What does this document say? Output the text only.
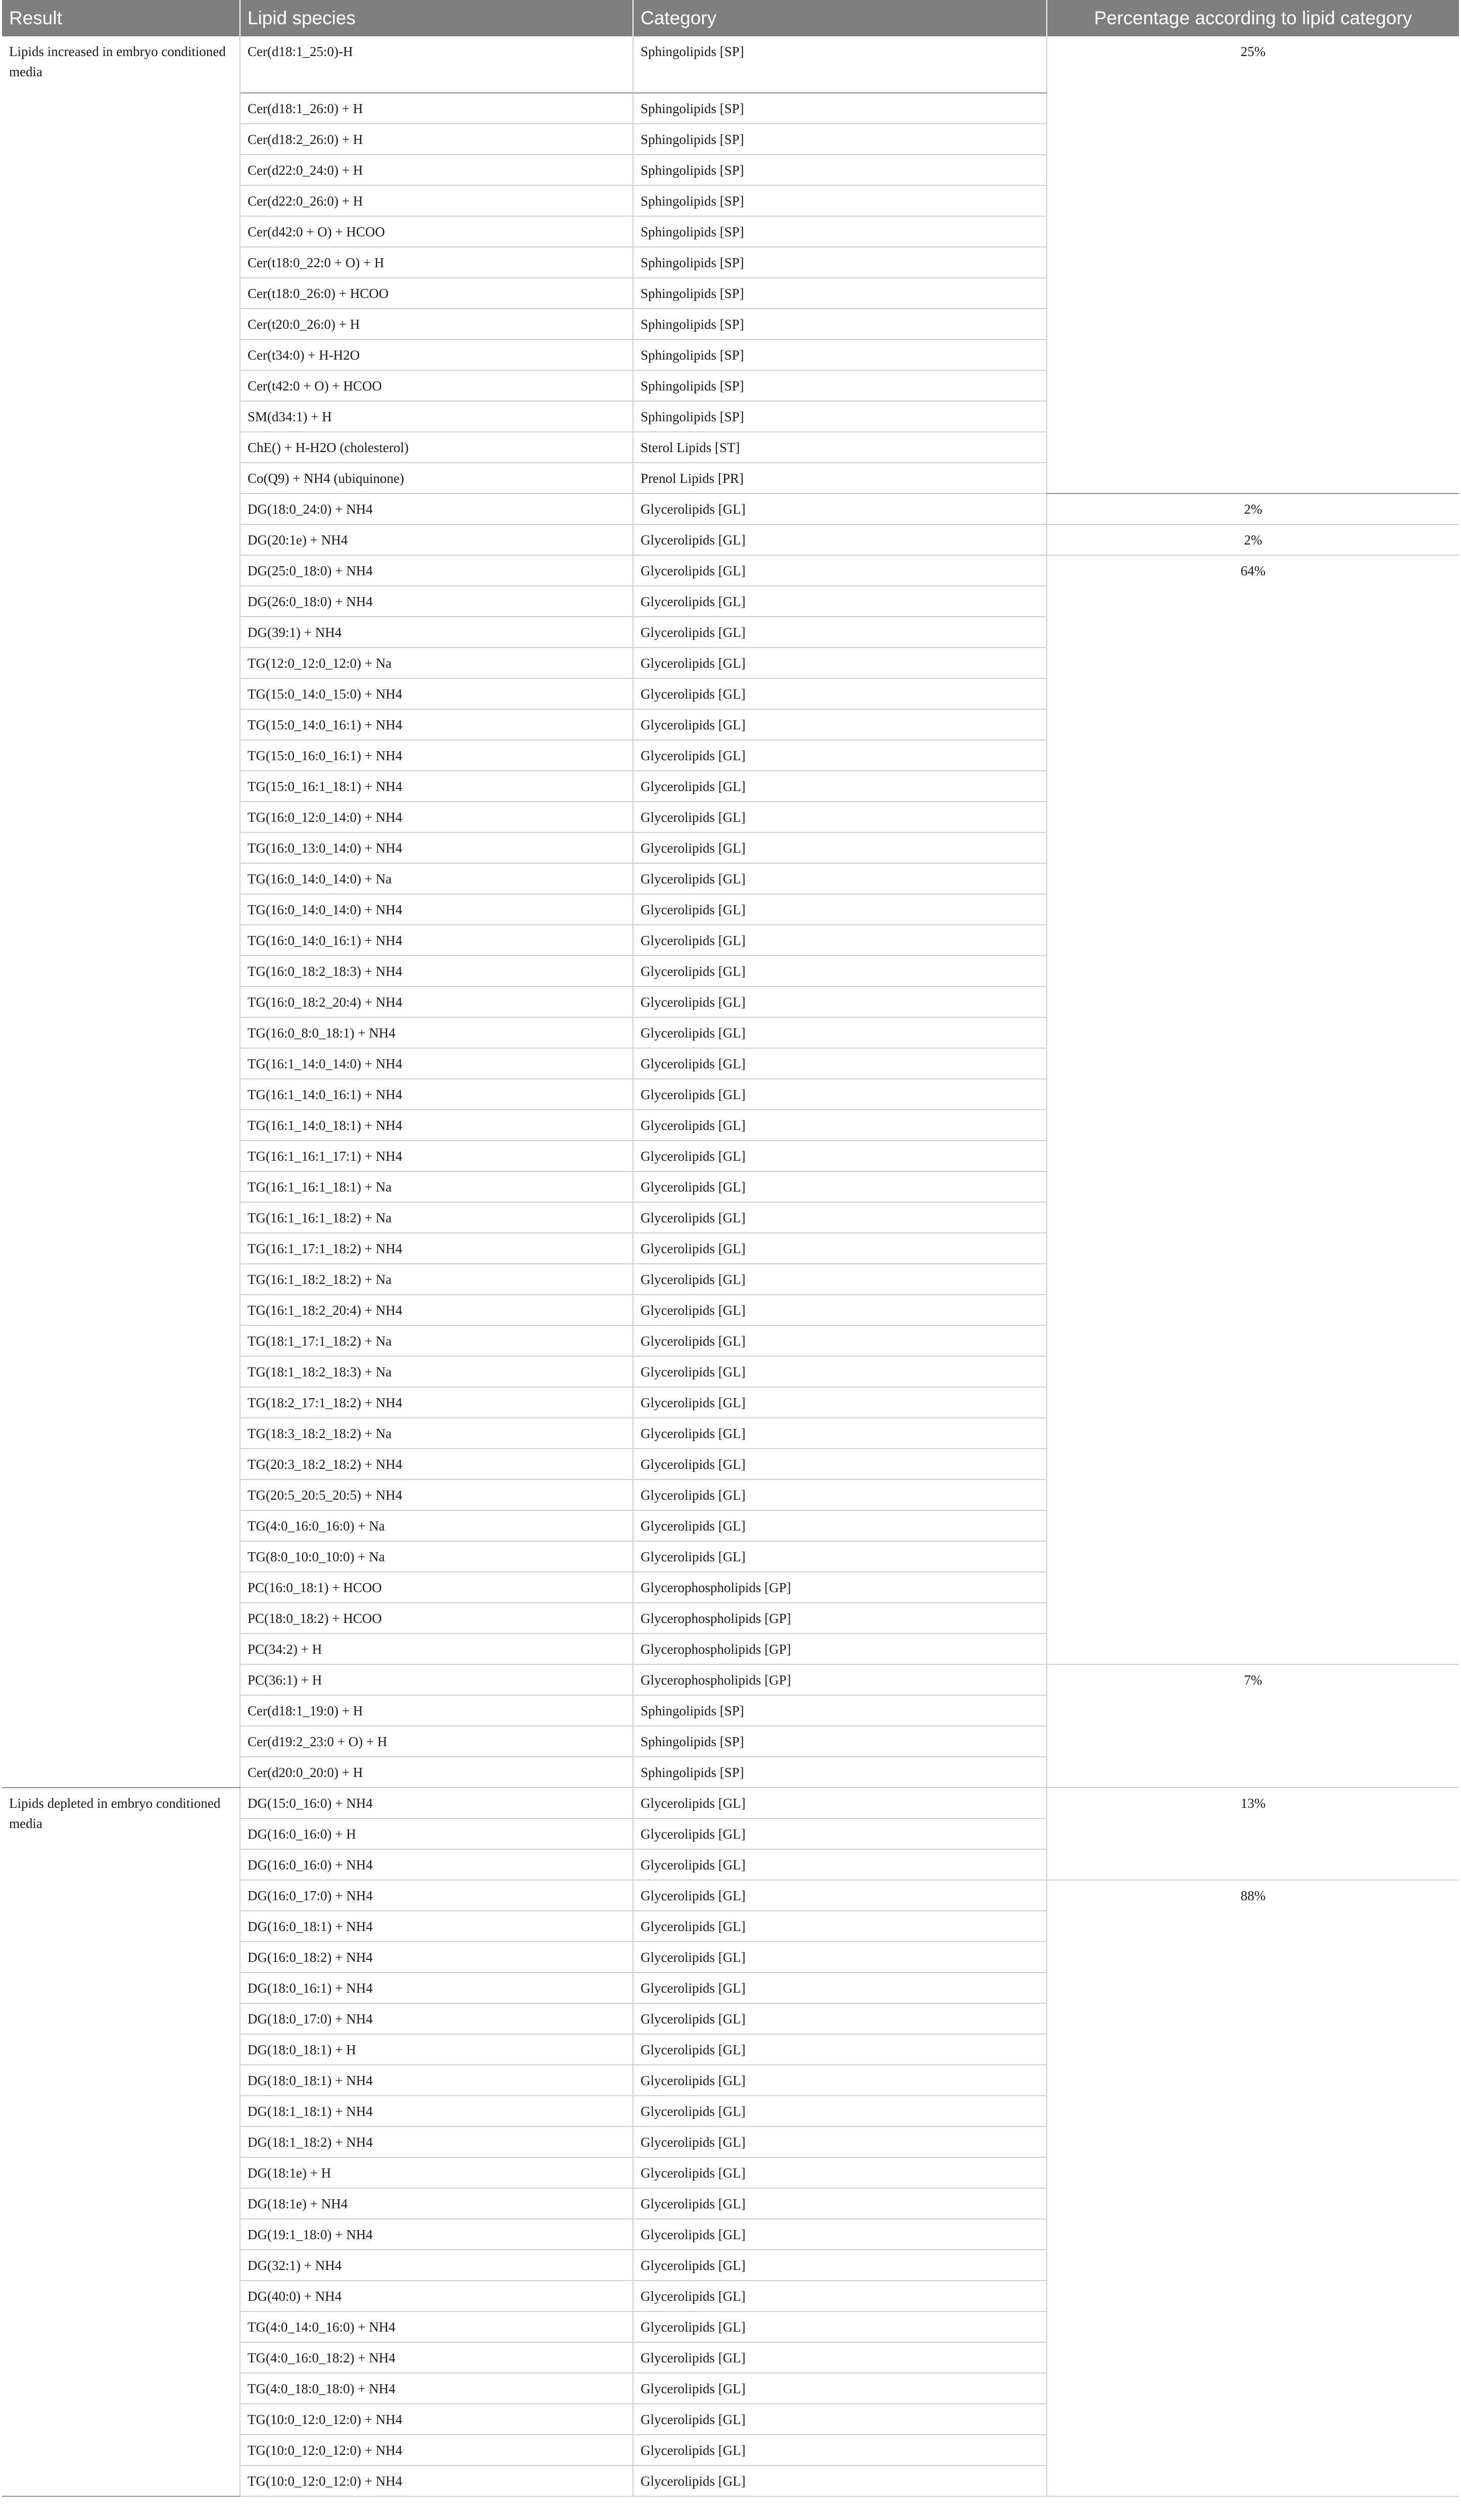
Result	Lipid species	Category	Percentage according to lipid category
Lipids increased in embryo conditioned media	Cer(d18:1_25:0)-H	Sphingolipids [SP]	25%
	Cer(d18:1_26:0) + H	Sphingolipids [SP]	
	Cer(d18:2_26:0) + H	Sphingolipids [SP]	
	Cer(d22:0_24:0) + H	Sphingolipids [SP]	
	Cer(d22:0_26:0) + H	Sphingolipids [SP]	
	Cer(d42:0 + O) + HCOO	Sphingolipids [SP]	
	Cer(t18:0_22:0 + O) + H	Sphingolipids [SP]	
	Cer(t18:0_26:0) + HCOO	Sphingolipids [SP]	
	Cer(t20:0_26:0) + H	Sphingolipids [SP]	
	Cer(t34:0) + H-H2O	Sphingolipids [SP]	
	Cer(t42:0 + O) + HCOO	Sphingolipids [SP]	
	SM(d34:1) + H	Sphingolipids [SP]	
	ChE() + H-H2O (cholesterol)	Sterol Lipids [ST]	
	Co(Q9) + NH4 (ubiquinone)	Prenol Lipids [PR]	
	DG(18:0_24:0) + NH4	Glycerolipids [GL]	2%
	DG(20:1e) + NH4	Glycerolipids [GL]	2%
	DG(25:0_18:0) + NH4	Glycerolipids [GL]	64%
	DG(26:0_18:0) + NH4	Glycerolipids [GL]	
	DG(39:1) + NH4	Glycerolipids [GL]	
	TG(12:0_12:0_12:0) + Na	Glycerolipids [GL]	
	TG(15:0_14:0_15:0) + NH4	Glycerolipids [GL]	
	TG(15:0_14:0_16:1) + NH4	Glycerolipids [GL]	
	TG(15:0_16:0_16:1) + NH4	Glycerolipids [GL]	
	TG(15:0_16:1_18:1) + NH4	Glycerolipids [GL]	
	TG(16:0_12:0_14:0) + NH4	Glycerolipids [GL]	
	TG(16:0_13:0_14:0) + NH4	Glycerolipids [GL]	
	TG(16:0_14:0_14:0) + Na	Glycerolipids [GL]	
	TG(16:0_14:0_14:0) + NH4	Glycerolipids [GL]	
	TG(16:0_14:0_16:1) + NH4	Glycerolipids [GL]	
	TG(16:0_18:2_18:3) + NH4	Glycerolipids [GL]	
	TG(16:0_18:2_20:4) + NH4	Glycerolipids [GL]	
	TG(16:0_8:0_18:1) + NH4	Glycerolipids [GL]	
	TG(16:1_14:0_14:0) + NH4	Glycerolipids [GL]	
	TG(16:1_14:0_16:1) + NH4	Glycerolipids [GL]	
	TG(16:1_14:0_18:1) + NH4	Glycerolipids [GL]	
	TG(16:1_16:1_17:1) + NH4	Glycerolipids [GL]	
	TG(16:1_16:1_18:1) + Na	Glycerolipids [GL]	
	TG(16:1_16:1_18:2) + Na	Glycerolipids [GL]	
	TG(16:1_17:1_18:2) + NH4	Glycerolipids [GL]	
	TG(16:1_18:2_18:2) + Na	Glycerolipids [GL]	
	TG(16:1_18:2_20:4) + NH4	Glycerolipids [GL]	
	TG(18:1_17:1_18:2) + Na	Glycerolipids [GL]	
	TG(18:1_18:2_18:3) + Na	Glycerolipids [GL]	
	TG(18:2_17:1_18:2) + NH4	Glycerolipids [GL]	
	TG(18:3_18:2_18:2) + Na	Glycerolipids [GL]	
	TG(20:3_18:2_18:2) + NH4	Glycerolipids [GL]	
	TG(20:5_20:5_20:5) + NH4	Glycerolipids [GL]	
	TG(4:0_16:0_16:0) + Na	Glycerolipids [GL]	
	TG(8:0_10:0_10:0) + Na	Glycerolipids [GL]	
	PC(16:0_18:1) + HCOO	Glycerophospholipids [GP]	
	PC(18:0_18:2) + HCOO	Glycerophospholipids [GP]	
	PC(34:2) + H	Glycerophospholipids [GP]	
	PC(36:1) + H	Glycerophospholipids [GP]	7%
	Cer(d18:1_19:0) + H	Sphingolipids [SP]	
	Cer(d19:2_23:0 + O) + H	Sphingolipids [SP]	
	Cer(d20:0_20:0) + H	Sphingolipids [SP]	
Lipids depleted in embryo conditioned media	DG(15:0_16:0) + NH4	Glycerolipids [GL]	13%
	DG(16:0_16:0) + H	Glycerolipids [GL]	
	DG(16:0_16:0) + NH4	Glycerolipids [GL]	
	DG(16:0_17:0) + NH4	Glycerolipids [GL]	88%
	DG(16:0_18:1) + NH4	Glycerolipids [GL]	
	DG(16:0_18:2) + NH4	Glycerolipids [GL]	
	DG(18:0_16:1) + NH4	Glycerolipids [GL]	
	DG(18:0_17:0) + NH4	Glycerolipids [GL]	
	DG(18:0_18:1) + H	Glycerolipids [GL]	
	DG(18:0_18:1) + NH4	Glycerolipids [GL]	
	DG(18:1_18:1) + NH4	Glycerolipids [GL]	
	DG(18:1_18:2) + NH4	Glycerolipids [GL]	
	DG(18:1e) + H	Glycerolipids [GL]	
	DG(18:1e) + NH4	Glycerolipids [GL]	
	DG(19:1_18:0) + NH4	Glycerolipids [GL]	
	DG(32:1) + NH4	Glycerolipids [GL]	
	DG(40:0) + NH4	Glycerolipids [GL]	
	TG(4:0_14:0_16:0) + NH4	Glycerolipids [GL]	
	TG(4:0_16:0_18:2) + NH4	Glycerolipids [GL]	
	TG(4:0_18:0_18:0) + NH4	Glycerolipids [GL]	
	TG(10:0_12:0_12:0) + NH4	Glycerolipids [GL]	
	TG(10:0_12:0_12:0) + NH4	Glycerolipids [GL]	
	TG(10:0_12:0_12:0) + NH4	Glycerolipids [GL]	
